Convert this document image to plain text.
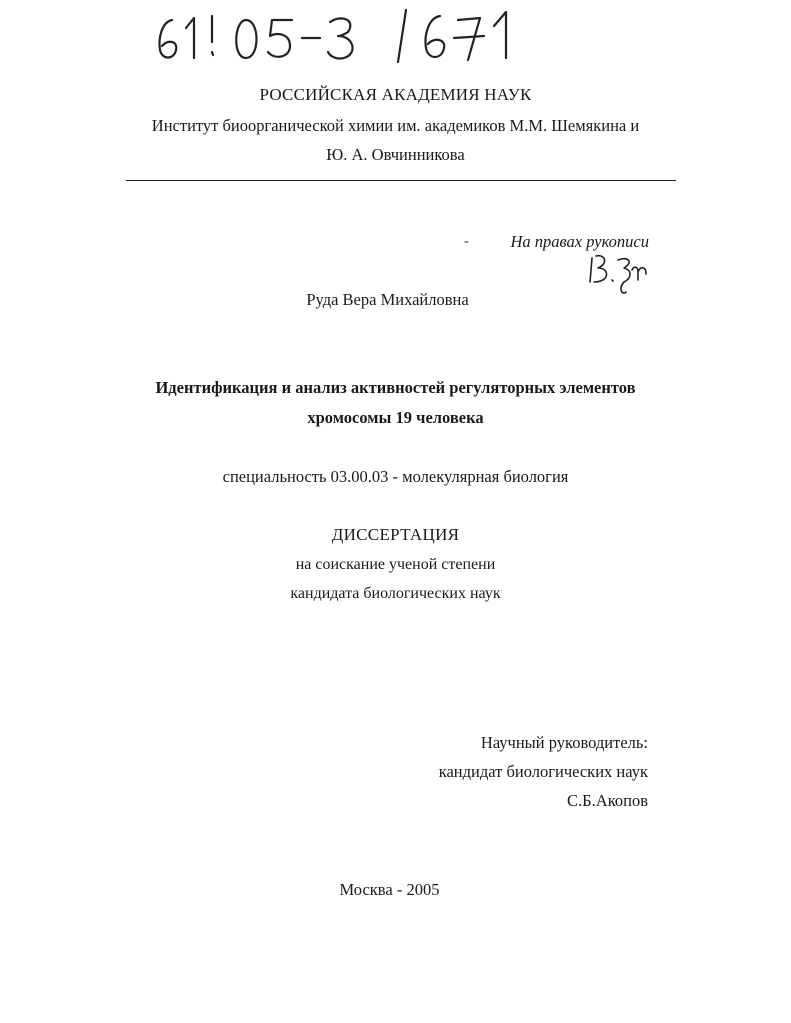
РОССИЙСКАЯ АКАДЕМИЯ НАУК
Институт биоорганической химии им. академиков М.М. Шемякина и
Ю. А. Овчинникова
-	На правах рукописи
Руда Вера Михайловна
Идентификация и анализ активностей регуляторных элементов
хромосомы 19 человека
специальность 03.00.03 - молекулярная биология
ДИССЕРТАЦИЯ
на соискание ученой степени
кандидата биологических наук
Научный руководитель:
кандидат биологических наук
С.Б.Акопов
Москва - 2005
